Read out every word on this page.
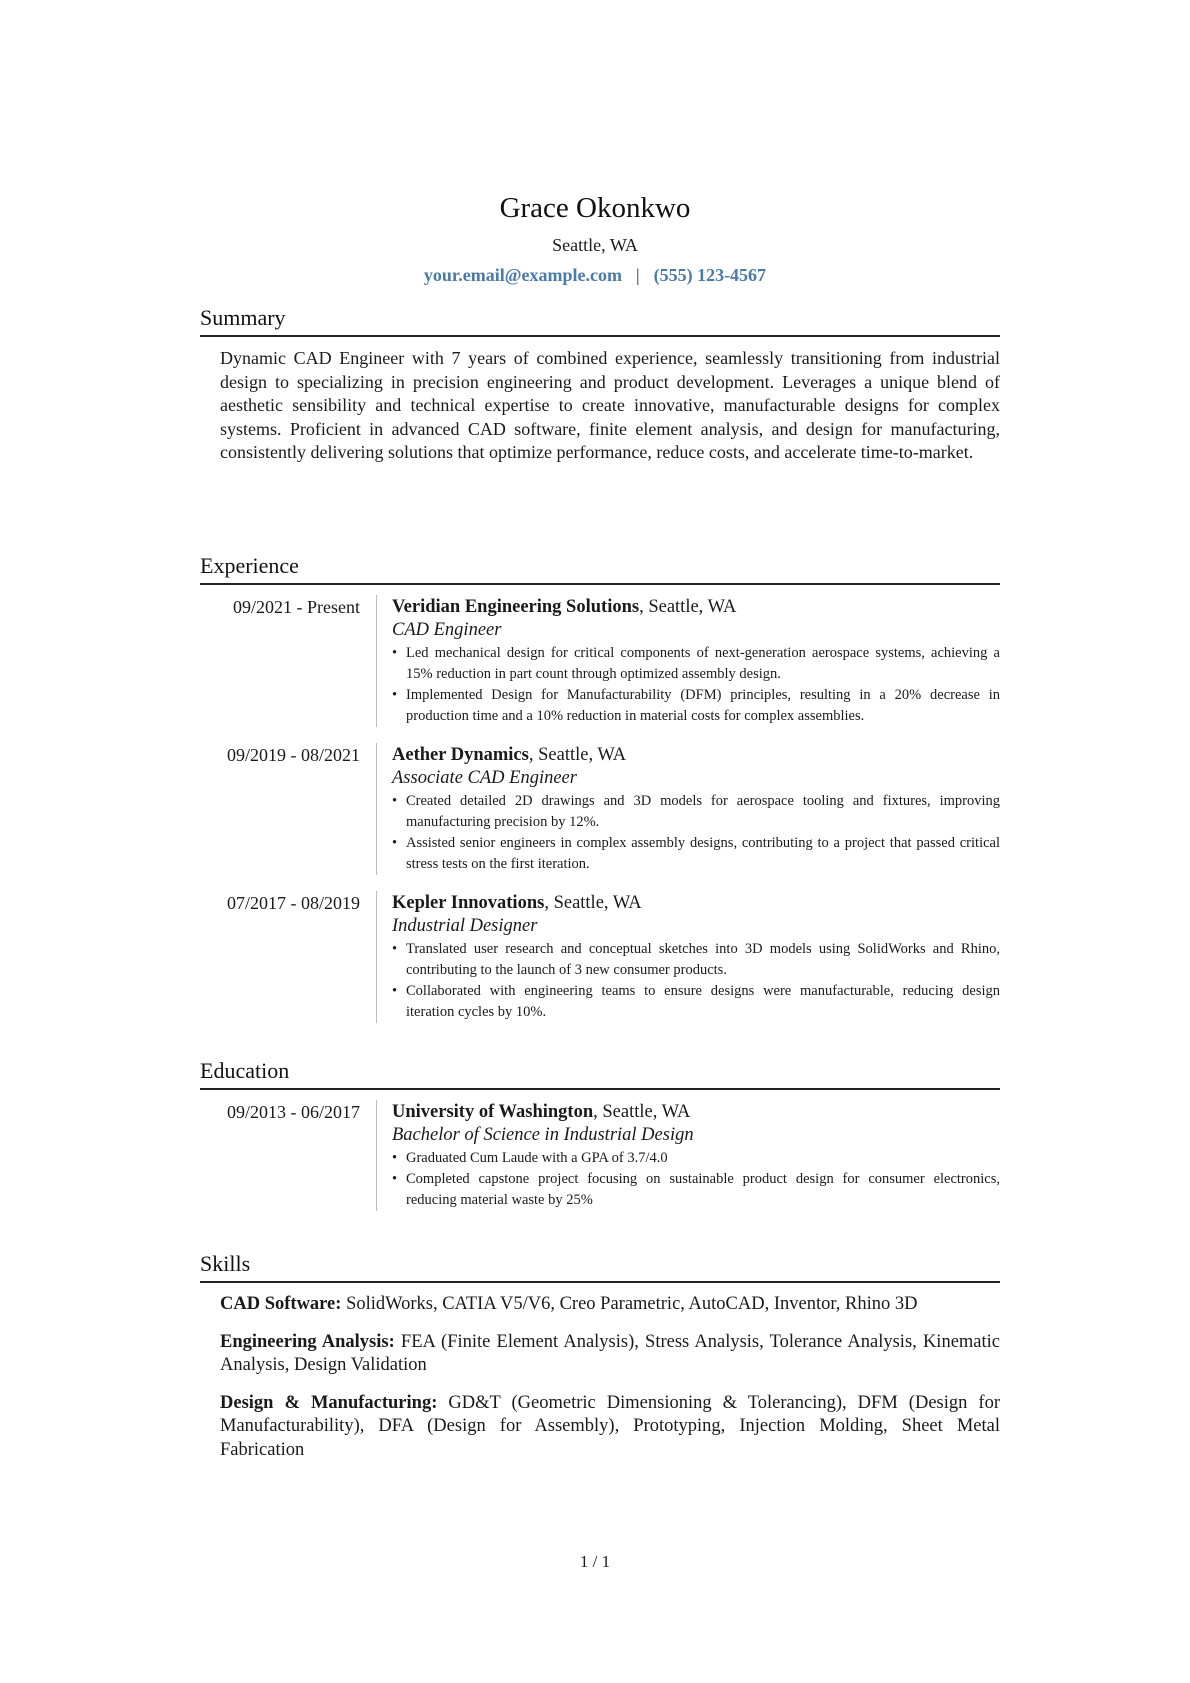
Grace Okonkwo
Seattle, WA
your.email@example.com | (555) 123-4567
Summary

Dynamic CAD Engineer with 7 years of combined experience, seamlessly transitioning from industrial design to specializing in precision engineering and product development. Leverages a unique blend of aesthetic sensibility and technical expertise to create innovative, manufacturable designs for complex systems. Proficient in advanced CAD software, finite element analysis, and design for manufacturing, consistently delivering solutions that optimize performance, reduce costs, and accelerate time-to-market.

Experience
09/2021 - Present	Veridian Engineering Solutions, Seattle, WA
CAD Engineer
• Led mechanical design for critical components of next-generation aerospace systems, achieving a 15% reduction in part count through optimized assembly design.
• Implemented Design for Manufacturability (DFM) principles, resulting in a 20% decrease in production time and a 10% reduction in material costs for complex assemblies.
09/2019 - 08/2021	Aether Dynamics, Seattle, WA
Associate CAD Engineer
• Created detailed 2D drawings and 3D models for aerospace tooling and fixtures, improving manufacturing precision by 12%.
• Assisted senior engineers in complex assembly designs, contributing to a project that passed critical stress tests on the first iteration.
07/2017 - 08/2019	Kepler Innovations, Seattle, WA
Industrial Designer
• Translated user research and conceptual sketches into 3D models using SolidWorks and Rhino, contributing to the launch of 3 new consumer products.
• Collaborated with engineering teams to ensure designs were manufacturable, reducing design iteration cycles by 10%.
Education
09/2013 - 06/2017	University of Washington, Seattle, WA
Bachelor of Science in Industrial Design
• Graduated Cum Laude with a GPA of 3.7/4.0
• Completed capstone project focusing on sustainable product design for consumer electronics, reducing material waste by 25%
Skills

CAD Software: SolidWorks, CATIA V5/V6, Creo Parametric, AutoCAD, Inventor, Rhino 3D

Engineering Analysis: FEA (Finite Element Analysis), Stress Analysis, Tolerance Analysis, Kinematic Analysis, Design Validation

Design & Manufacturing: GD&T (Geometric Dimensioning & Tolerancing), DFM (Design for Manufacturability), DFA (Design for Assembly), Prototyping, Injection Molding, Sheet Metal Fabrication

1 / 1
